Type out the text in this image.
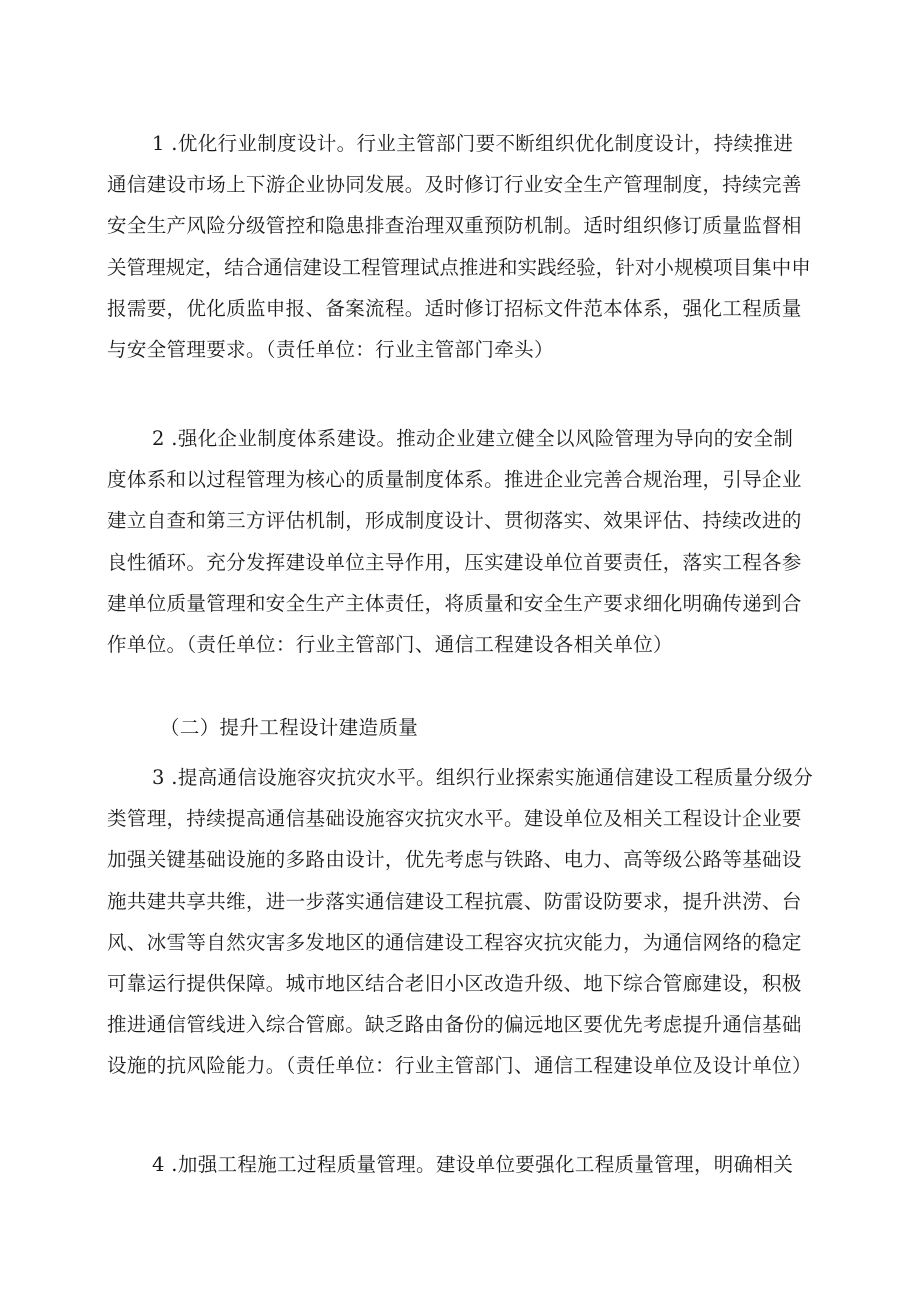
1 .优化行业制度设计。行业主管部门要不断组织优化制度设计，持续推进
通信建设市场上下游企业协同发展。及时修订行业安全生产管理制度，持续完善
安全生产风险分级管控和隐患排查治理双重预防机制。适时组织修订质量监督相
关管理规定，结合通信建设工程管理试点推进和实践经验，针对小规模项目集中申
报需要，优化质监申报、备案流程。适时修订招标文件范本体系，强化工程质量
与安全管理要求。（责任单位：行业主管部门牵头）

2 .强化企业制度体系建设。推动企业建立健全以风险管理为导向的安全制
度体系和以过程管理为核心的质量制度体系。推进企业完善合规治理，引导企业
建立自查和第三方评估机制，形成制度设计、贯彻落实、效果评估、持续改进的
良性循环。充分发挥建设单位主导作用，压实建设单位首要责任，落实工程各参
建单位质量管理和安全生产主体责任，将质量和安全生产要求细化明确传递到合
作单位。（责任单位：行业主管部门、通信工程建设各相关单位）

（二）提升工程设计建造质量

3 .提高通信设施容灾抗灾水平。组织行业探索实施通信建设工程质量分级分
类管理，持续提高通信基础设施容灾抗灾水平。建设单位及相关工程设计企业要
加强关键基础设施的多路由设计，优先考虑与铁路、电力、高等级公路等基础设
施共建共享共维，进一步落实通信建设工程抗震、防雷设防要求，提升洪涝、台
风、冰雪等自然灾害多发地区的通信建设工程容灾抗灾能力，为通信网络的稳定
可靠运行提供保障。城市地区结合老旧小区改造升级、地下综合管廊建设，积极
推进通信管线进入综合管廊。缺乏路由备份的偏远地区要优先考虑提升通信基础
设施的抗风险能力。（责任单位：行业主管部门、通信工程建设单位及设计单位）

4 .加强工程施工过程质量管理。建设单位要强化工程质量管理，明确相关
